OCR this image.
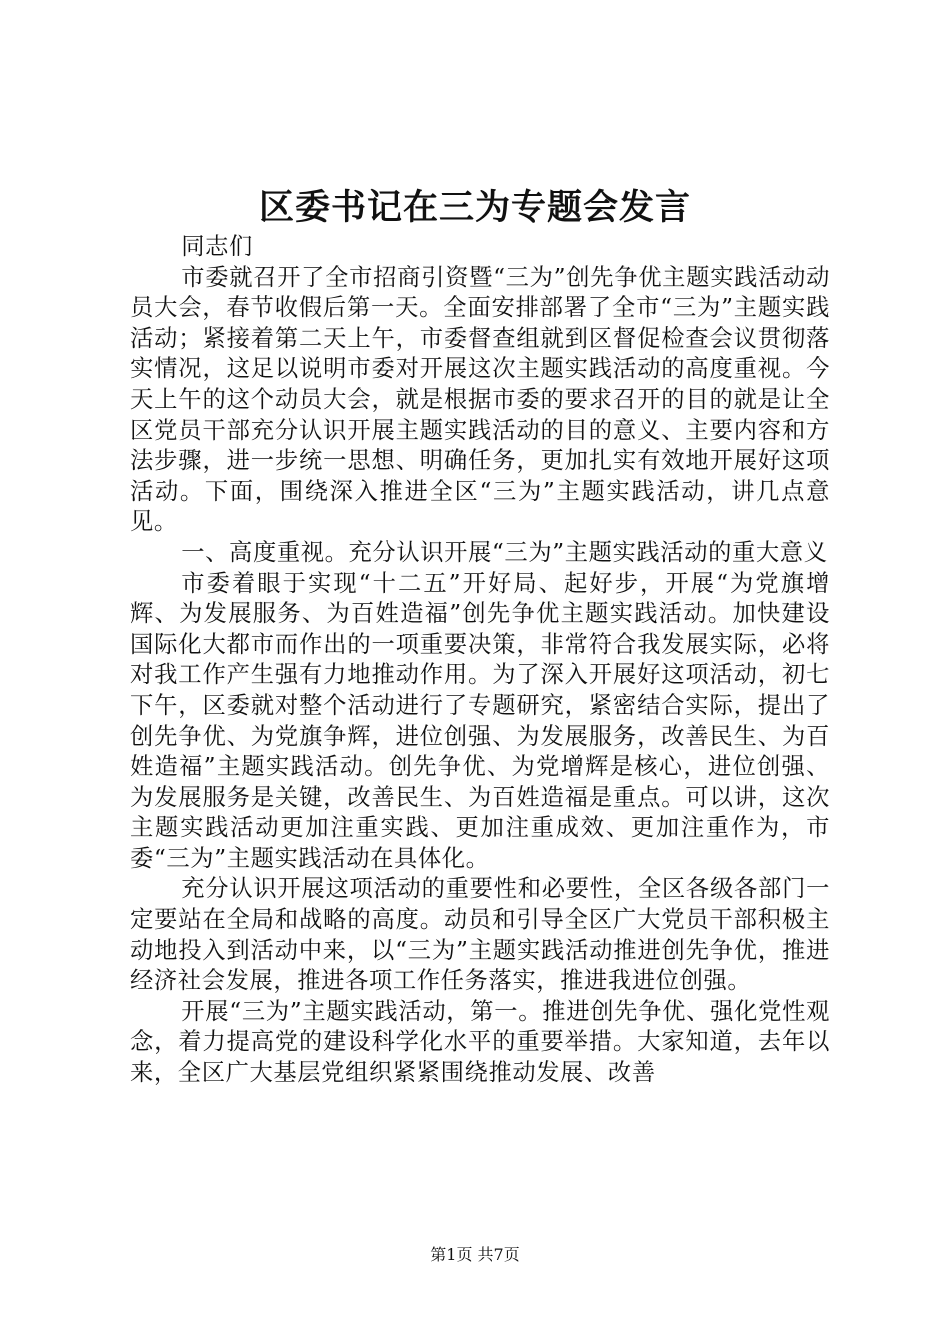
区委书记在三为专题会发言

同志们

市委就召开了全市招商引资暨“三为”创先争优主题实践活动动员大会，春节收假后第一天。全面安排部署了全市“三为”主题实践活动；紧接着第二天上午，市委督查组就到区督促检查会议贯彻落实情况，这足以说明市委对开展这次主题实践活动的高度重视。今天上午的这个动员大会，就是根据市委的要求召开的目的就是让全区党员干部充分认识开展主题实践活动的目的意义、主要内容和方法步骤，进一步统一思想、明确任务，更加扎实有效地开展好这项活动。下面，围绕深入推进全区“三为”主题实践活动，讲几点意见。

一、高度重视。充分认识开展“三为”主题实践活动的重大意义

市委着眼于实现“十二五”开好局、起好步，开展“为党旗增辉、为发展服务、为百姓造福”创先争优主题实践活动。加快建设国际化大都市而作出的一项重要决策，非常符合我发展实际，必将对我工作产生强有力地推动作用。为了深入开展好这项活动，初七下午，区委就对整个活动进行了专题研究，紧密结合实际，提出了创先争优、为党旗争辉，进位创强、为发展服务，改善民生、为百姓造福”主题实践活动。创先争优、为党增辉是核心，进位创强、为发展服务是关键，改善民生、为百姓造福是重点。可以讲，这次主题实践活动更加注重实践、更加注重成效、更加注重作为，市委“三为”主题实践活动在具体化。

充分认识开展这项活动的重要性和必要性，全区各级各部门一定要站在全局和战略的高度。动员和引导全区广大党员干部积极主动地投入到活动中来，以“三为”主题实践活动推进创先争优，推进经济社会发展，推进各项工作任务落实，推进我进位创强。

开展“三为”主题实践活动，第一。推进创先争优、强化党性观念，着力提高党的建设科学化水平的重要举措。大家知道，去年以来，全区广大基层党组织紧紧围绕推动发展、改善

第1页 共7页
